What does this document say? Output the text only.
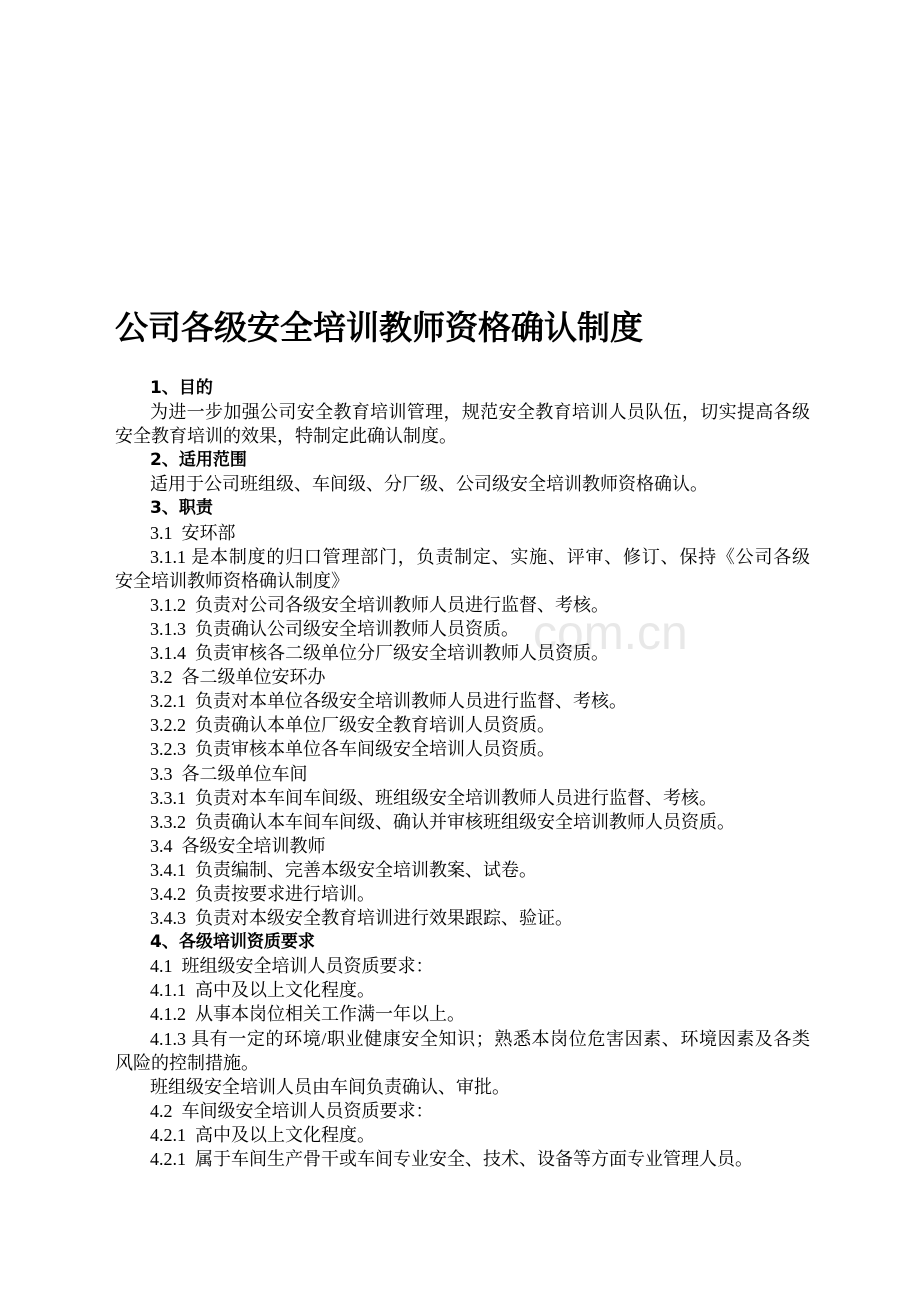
公司各级安全培训教师资格确认制度
1、目的
为进一步加强公司安全教育培训管理，规范安全教育培训人员队伍，切实提高各级
安全教育培训的效果，特制定此确认制度。
2、适用范围
适用于公司班组级、车间级、分厂级、公司级安全培训教师资格确认。
3、职责
3.1  安环部
3.1.1 是本制度的归口管理部门，负责制定、实施、评审、修订、保持《公司各级
安全培训教师资格确认制度》
3.1.2  负责对公司各级安全培训教师人员进行监督、考核。
3.1.3  负责确认公司级安全培训教师人员资质。
3.1.4  负责审核各二级单位分厂级安全培训教师人员资质。
3.2  各二级单位安环办
3.2.1  负责对本单位各级安全培训教师人员进行监督、考核。
3.2.2  负责确认本单位厂级安全教育培训人员资质。
3.2.3  负责审核本单位各车间级安全培训人员资质。
3.3  各二级单位车间
3.3.1  负责对本车间车间级、班组级安全培训教师人员进行监督、考核。
3.3.2  负责确认本车间车间级、确认并审核班组级安全培训教师人员资质。
3.4  各级安全培训教师
3.4.1  负责编制、完善本级安全培训教案、试卷。
3.4.2  负责按要求进行培训。
3.4.3  负责对本级安全教育培训进行效果跟踪、验证。
4、各级培训资质要求
4.1  班组级安全培训人员资质要求：
4.1.1  高中及以上文化程度。
4.1.2  从事本岗位相关工作满一年以上。
4.1.3 具有一定的环境/职业健康安全知识；熟悉本岗位危害因素、环境因素及各类
风险的控制措施。
班组级安全培训人员由车间负责确认、审批。
4.2  车间级安全培训人员资质要求：
4.2.1  高中及以上文化程度。
4.2.1  属于车间生产骨干或车间专业安全、技术、设备等方面专业管理人员。
com.cn
